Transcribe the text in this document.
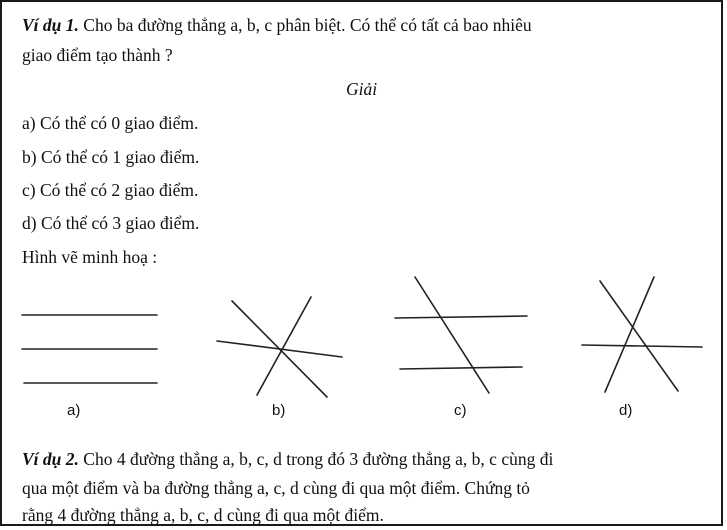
Ví dụ 1. Cho ba đường thẳng a, b, c phân biệt. Có thể có tất cả bao nhiêu
giao điểm tạo thành ?
Giải
a) Có thể có 0 giao điểm.
b) Có thể có 1 giao điểm.
c) Có thể có 2 giao điểm.
d) Có thể có 3 giao điểm.
Hình vẽ minh hoạ :
a)	b)	c)	d)
Ví dụ 2. Cho 4 đường thẳng a, b, c, d trong đó 3 đường thẳng a, b, c cùng đi
qua một điểm và ba đường thẳng a, c, d cùng đi qua một điểm. Chứng tỏ
rằng 4 đường thẳng a, b, c, d cùng đi qua một điểm.
